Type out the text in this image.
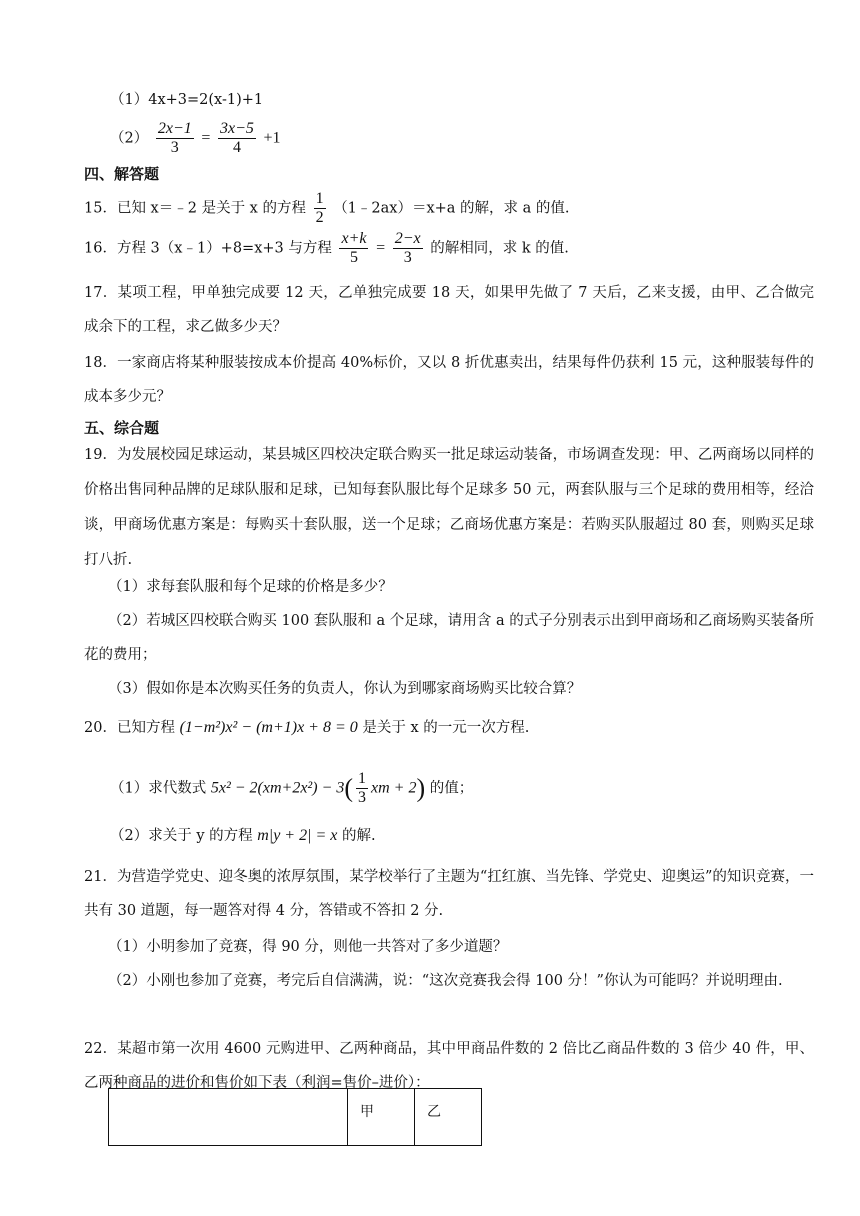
（1）4x+3=2(x-1)+1
$(2) \frac{2x-1}{3} = \frac{3x-5}{4} +1$
四、解答题
15．已知 x＝﹣2 是关于 x 的方程 $\frac{1}{2}$ （1﹣2ax）＝x+a 的解，求 a 的值.
16．方程 3（x﹣1）+8=x+3 与方程 $\frac{x+k}{5} = \frac{2-x}{3}$ 的解相同，求 k 的值.
17．某项工程，甲单独完成要 12 天，乙单独完成要 18 天，如果甲先做了 7 天后，乙来支援，由甲、乙合做完成余下的工程，求乙做多少天？
18．一家商店将某种服装按成本价提高 40%标价，又以 8 折优惠卖出，结果每件仍获利 15 元，这种服装每件的成本多少元？
五、综合题
19．为发展校园足球运动，某县城区四校决定联合购买一批足球运动装备，市场调查发现：甲、乙两商场以同样的价格出售同种品牌的足球队服和足球，已知每套队服比每个足球多 50 元，两套队服与三个足球的费用相等，经洽谈，甲商场优惠方案是：每购买十套队服，送一个足球；乙商场优惠方案是：若购买队服超过 80 套，则购买足球打八折.
（1）求每套队服和每个足球的价格是多少？
（2）若城区四校联合购买 100 套队服和 a 个足球，请用含 a 的式子分别表示出到甲商场和乙商场购买装备所花的费用；
（3）假如你是本次购买任务的负责人，你认为到哪家商场购买比较合算？
20．已知方程 (1−m²)x² − (m+1)x + 8 = 0 是关于 x 的一元一次方程.
（1）求代数式 $5x^2 - 2(xm+2x^2) - 3( \frac{1}{3}$ xm + 2) 的值；
（2）求关于 y 的方程 m|y + 2| = x 的解.
21．为营造学党史、迎冬奥的浓厚氛围，某学校举行了主题为“扛红旗、当先锋、学党史、迎奥运”的知识竞赛，一共有 30 道题，每一题答对得 4 分，答错或不答扣 2 分.
（1）小明参加了竞赛，得 90 分，则他一共答对了多少道题？
（2）小刚也参加了竞赛，考完后自信满满，说：“这次竞赛我会得 100 分！”你认为可能吗？并说明理由.
22．某超市第一次用 4600 元购进甲、乙两种商品，其中甲商品件数的 2 倍比乙商品件数的 3 倍少 40 件，甲、乙两种商品的进价和售价如下表（利润=售价–进价）：
	甲	乙
